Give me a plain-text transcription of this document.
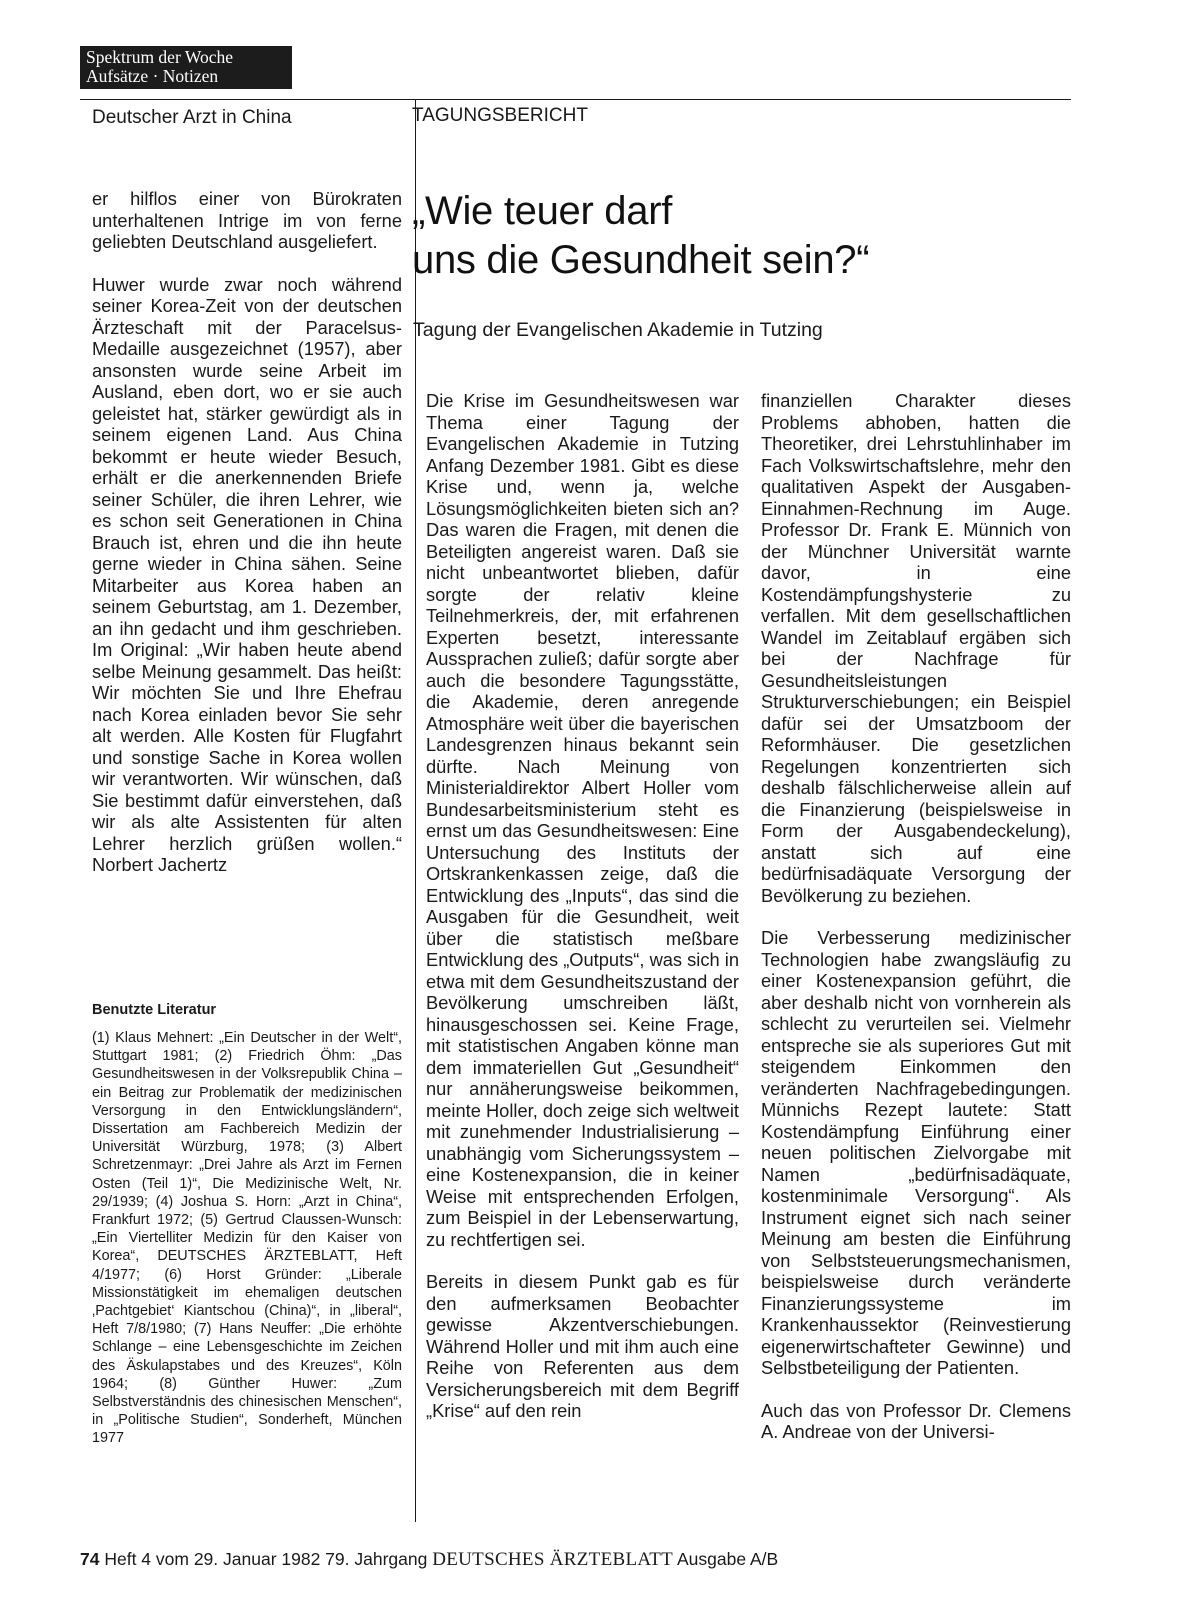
Spektrum der Woche
Aufsätze · Notizen
Deutscher Arzt in China	TAGUNGSBERICHT
„Wie teuer darf
uns die Gesundheit sein?“
Tagung der Evangelischen Akademie in Tutzing

er hilflos einer von Bürokraten unterhaltenen Intrige im von ferne geliebten Deutschland ausgeliefert.

Huwer wurde zwar noch während seiner Korea-Zeit von der deutschen Ärzteschaft mit der Paracelsus-Medaille ausgezeichnet (1957), aber ansonsten wurde seine Arbeit im Ausland, eben dort, wo er sie auch geleistet hat, stärker gewürdigt als in seinem eigenen Land. Aus China bekommt er heute wieder Besuch, erhält er die anerkennenden Briefe seiner Schüler, die ihren Lehrer, wie es schon seit Generationen in China Brauch ist, ehren und die ihn heute gerne wieder in China sähen. Seine Mitarbeiter aus Korea haben an seinem Geburtstag, am 1. Dezember, an ihn gedacht und ihm geschrieben. Im Original: „Wir haben heute abend selbe Meinung gesammelt. Das heißt: Wir möchten Sie und Ihre Ehefrau nach Korea einladen bevor Sie sehr alt werden. Alle Kosten für Flugfahrt und sonstige Sache in Korea wollen wir verantworten. Wir wünschen, daß Sie bestimmt dafür einverstehen, daß wir als alte Assistenten für alten Lehrer herzlich grüßen wollen.“ Norbert Jachertz

Benutzte Literatur
(1) Klaus Mehnert: „Ein Deutscher in der Welt“, Stuttgart 1981; (2) Friedrich Öhm: „Das Gesundheitswesen in der Volksrepublik China – ein Beitrag zur Problematik der medizinischen Versorgung in den Entwicklungsländern“, Dissertation am Fachbereich Medizin der Universität Würzburg, 1978; (3) Albert Schretzenmayr: „Drei Jahre als Arzt im Fernen Osten (Teil 1)“, Die Medizinische Welt, Nr. 29/1939; (4) Joshua S. Horn: „Arzt in China“, Frankfurt 1972; (5) Gertrud Claussen-Wunsch: „Ein Viertelliter Medizin für den Kaiser von Korea“, DEUTSCHES ÄRZTEBLATT, Heft 4/1977; (6) Horst Gründer: „Liberale Missionstätigkeit im ehemaligen deutschen ‚Pachtgebiet‘ Kiantschou (China)“, in „liberal“, Heft 7/8/1980; (7) Hans Neuffer: „Die erhöhte Schlange – eine Lebensgeschichte im Zeichen des Äskulapstabes und des Kreuzes“, Köln 1964; (8) Günther Huwer: „Zum Selbstverständnis des chinesischen Menschen“, in „Politische Studien“, Sonderheft, München 1977

Die Krise im Gesundheitswesen war Thema einer Tagung der Evangelischen Akademie in Tutzing Anfang Dezember 1981. Gibt es diese Krise und, wenn ja, welche Lösungsmöglichkeiten bieten sich an? Das waren die Fragen, mit denen die Beteiligten angereist waren. Daß sie nicht unbeantwortet blieben, dafür sorgte der relativ kleine Teilnehmerkreis, der, mit erfahrenen Experten besetzt, interessante Aussprachen zuließ; dafür sorgte aber auch die besondere Tagungsstätte, die Akademie, deren anregende Atmosphäre weit über die bayerischen Landesgrenzen hinaus bekannt sein dürfte. Nach Meinung von Ministerialdirektor Albert Holler vom Bundesarbeitsministerium steht es ernst um das Gesundheitswesen: Eine Untersuchung des Instituts der Ortskrankenkassen zeige, daß die Entwicklung des „Inputs“, das sind die Ausgaben für die Gesundheit, weit über die statistisch meßbare Entwicklung des „Outputs“, was sich in etwa mit dem Gesundheitszustand der Bevölkerung umschreiben läßt, hinausgeschossen sei. Keine Frage, mit statistischen Angaben könne man dem immateriellen Gut „Gesundheit“ nur annäherungsweise beikommen, meinte Holler, doch zeige sich weltweit mit zunehmender Industrialisierung – unabhängig vom Sicherungssystem – eine Kostenexpansion, die in keiner Weise mit entsprechenden Erfolgen, zum Beispiel in der Lebenserwartung, zu rechtfertigen sei.

Bereits in diesem Punkt gab es für den aufmerksamen Beobachter gewisse Akzentverschiebungen. Während Holler und mit ihm auch eine Reihe von Referenten aus dem Versicherungsbereich mit dem Begriff „Krise“ auf den rein

finanziellen Charakter dieses Problems abhoben, hatten die Theoretiker, drei Lehrstuhlinhaber im Fach Volkswirtschaftslehre, mehr den qualitativen Aspekt der Ausgaben-Einnahmen-Rechnung im Auge. Professor Dr. Frank E. Münnich von der Münchner Universität warnte davor, in eine Kostendämpfungshysterie zu verfallen. Mit dem gesellschaftlichen Wandel im Zeitablauf ergäben sich bei der Nachfrage für Gesundheitsleistungen Strukturverschiebungen; ein Beispiel dafür sei der Umsatzboom der Reformhäuser. Die gesetzlichen Regelungen konzentrierten sich deshalb fälschlicherweise allein auf die Finanzierung (beispielsweise in Form der Ausgabendeckelung), anstatt sich auf eine bedürfnisadäquate Versorgung der Bevölkerung zu beziehen.

Die Verbesserung medizinischer Technologien habe zwangsläufig zu einer Kostenexpansion geführt, die aber deshalb nicht von vornherein als schlecht zu verurteilen sei. Vielmehr entspreche sie als superiores Gut mit steigendem Einkommen den veränderten Nachfragebedingungen. Münnichs Rezept lautete: Statt Kostendämpfung Einführung einer neuen politischen Zielvorgabe mit Namen „bedürfnisadäquate, kostenminimale Versorgung“. Als Instrument eignet sich nach seiner Meinung am besten die Einführung von Selbststeuerungsmechanismen, beispielsweise durch veränderte Finanzierungssysteme im Krankenhaussektor (Reinvestierung eigenerwirtschafteter Gewinne) und Selbstbeteiligung der Patienten.

Auch das von Professor Dr. Clemens A. Andreae von der Universi-

74 Heft 4 vom 29. Januar 1982 79. Jahrgang DEUTSCHES ÄRZTEBLATT Ausgabe A/B
